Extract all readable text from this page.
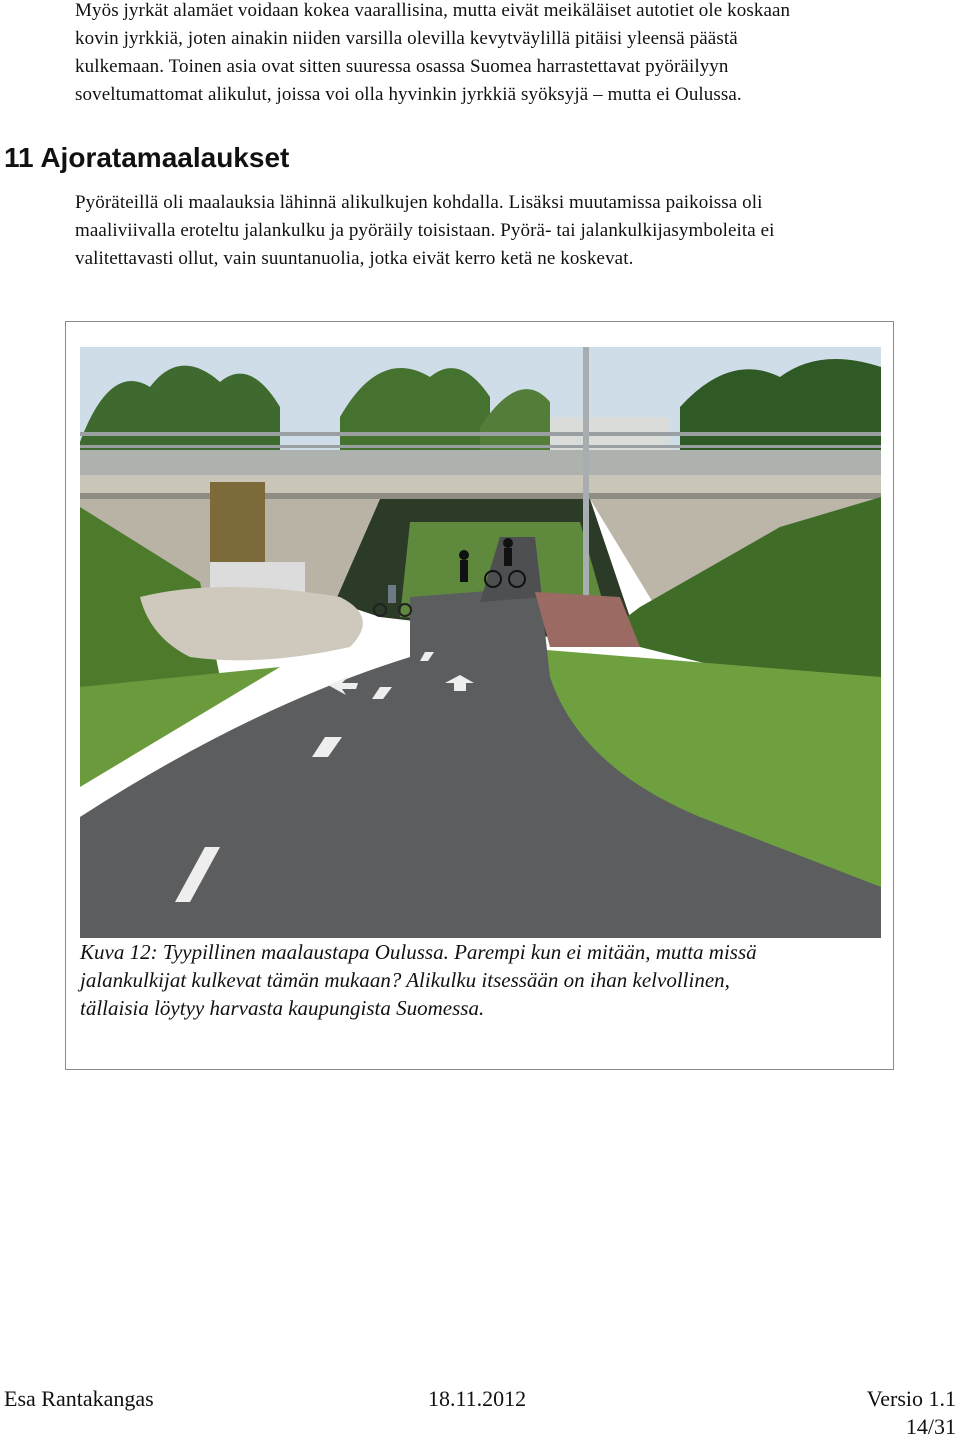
Myös jyrkät alamäet voidaan kokea vaarallisina, mutta eivät meikäläiset autotiet ole koskaan
kovin jyrkkiä, joten ainakin niiden varsilla olevilla kevytväylillä pitäisi yleensä päästä
kulkemaan. Toinen asia ovat sitten suuressa osassa Suomea harrastettavat pyöräilyyn
soveltumattomat alikulut, joissa voi olla hyvinkin jyrkkiä syöksyjä – mutta ei Oulussa.
11 Ajoratamaalaukset
Pyöräteillä oli maalauksia lähinnä alikulkujen kohdalla. Lisäksi muutamissa paikoissa oli
maaliviivalla eroteltu jalankulku ja pyöräily toisistaan. Pyörä- tai jalankulkijasymboleita ei
valitettavasti ollut, vain suuntanuolia, jotka eivät kerro ketä ne koskevat.
Kuva 12: Tyypillinen maalaustapa Oulussa. Parempi kun ei mitään, mutta missä
jalankulkijat kulkevat tämän mukaan? Alikulku itsessään on ihan kelvollinen,
tällaisia löytyy harvasta kaupungista Suomessa.
Esa Rantakangas	18.11.2012	Versio 1.1
14/31
